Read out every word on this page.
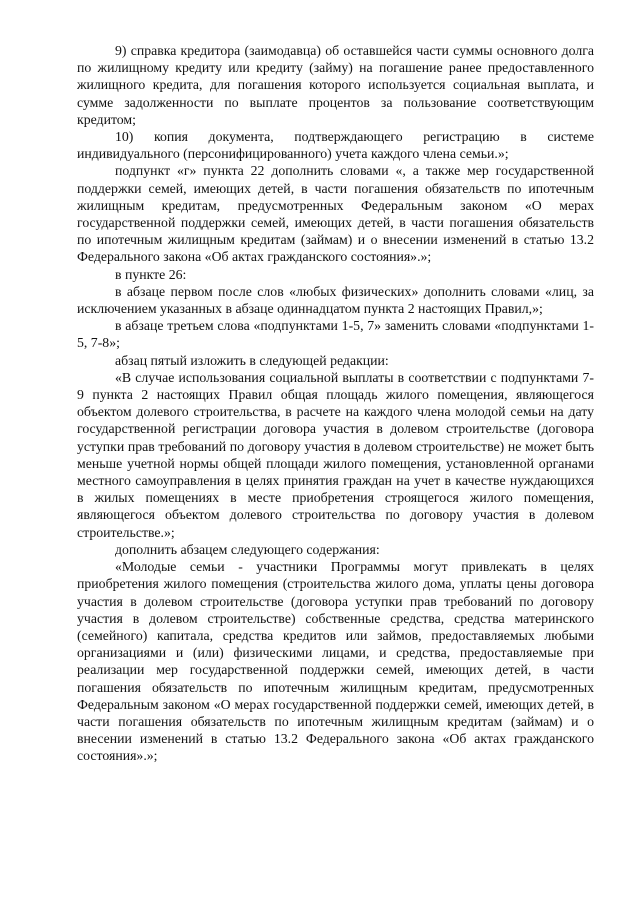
9) справка кредитора (заимодавца) об оставшейся части суммы основного долга по жилищному кредиту или кредиту (займу) на погашение ранее предоставленного жилищного кредита, для погашения которого используется социальная выплата, и сумме задолженности по выплате процентов за пользование соответствующим кредитом;

10) копия документа, подтверждающего регистрацию в системе индивидуального (персонифицированного) учета каждого члена семьи.»;

подпункт «г» пункта 22 дополнить словами «, а также мер государственной поддержки семей, имеющих детей, в части погашения обязательств по ипотечным жилищным кредитам, предусмотренных Федеральным законом «О мерах государственной поддержки семей, имеющих детей, в части погашения обязательств по ипотечным жилищным кредитам (займам) и о внесении изменений в статью 13.2 Федерального закона «Об актах гражданского состояния».»;

в пункте 26:

в абзаце первом после слов «любых физических» дополнить словами «лиц, за исключением указанных в абзаце одиннадцатом пункта 2 настоящих Правил,»;

в абзаце третьем слова «подпунктами 1-5, 7» заменить словами «подпунктами 1-5, 7-8»;

абзац пятый изложить в следующей редакции:

«В случае использования социальной выплаты в соответствии с подпунктами 7-9 пункта 2 настоящих Правил общая площадь жилого помещения, являющегося объектом долевого строительства, в расчете на каждого члена молодой семьи на дату государственной регистрации договора участия в долевом строительстве (договора уступки прав требований по договору участия в долевом строительстве) не может быть меньше учетной нормы общей площади жилого помещения, установленной органами местного самоуправления в целях принятия граждан на учет в качестве нуждающихся в жилых помещениях в месте приобретения строящегося жилого помещения, являющегося объектом долевого строительства по договору участия в долевом строительстве.»;

дополнить абзацем следующего содержания:

«Молодые семьи - участники Программы могут привлекать в целях приобретения жилого помещения (строительства жилого дома, уплаты цены договора участия в долевом строительстве (договора уступки прав требований по договору участия в долевом строительстве) собственные средства, средства материнского (семейного) капитала, средства кредитов или займов, предоставляемых любыми организациями и (или) физическими лицами, и средства, предоставляемые при реализации мер государственной поддержки семей, имеющих детей, в части погашения обязательств по ипотечным жилищным кредитам, предусмотренных Федеральным законом «О мерах государственной поддержки семей, имеющих детей, в части погашения обязательств по ипотечным жилищным кредитам (займам) и о внесении изменений в статью 13.2 Федерального закона «Об актах гражданского состояния».»;
